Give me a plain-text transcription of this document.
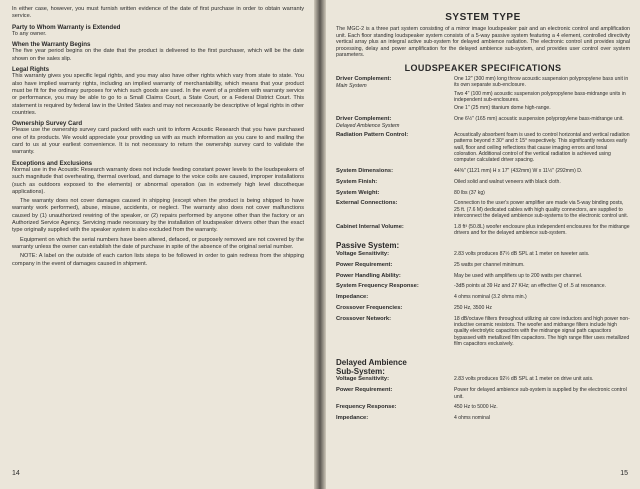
In either case, however, you must furnish written evidence of the date of first purchase in order to obtain warranty service.

Party to Whom Warranty is Extended

To any owner.

When the Warranty Begins

The five year period begins on the date that the product is delivered to the first purchaser, which will be the date shown on the sales slip.

Legal Rights

This warranty gives you specific legal rights, and you may also have other rights which vary from state to state. You also have implied warranty rights, including an implied warranty of merchantability, which means that your product must be fit for the ordinary purposes for which such goods are used. In the event of a problem with warranty service or performance, you may be able to go to a Small Claims Court, a State Court, or a Federal District Court. This statement is required by federal law in the United States and may not necessarily be descriptive of legal rights in other countries.

Ownership Survey Card

Please use the ownership survey card packed with each unit to inform Acoustic Research that you have purchased one of its products. We would appreciate your providing us with as much information as you care to and mailing the card to us at your earliest convenience. It is not necessary to return the ownership survey card to validate the warranty.

Exceptions and Exclusions

Normal use in the Acoustic Research warranty does not include feeding constant power levels to the loudspeakers of such magnitude that overheating, thermal overload, and damage to the voice coils are caused, improper installations (such as outdoors exposed to the elements) or abnormal operation (as in extremely high level discotheque applications).

The warranty does not cover damages caused in shipping (except when the product is being shipped to have warranty work performed), abuse, misuse, accidents, or neglect. The warranty also does not cover malfunctions caused by (1) unauthorized rewiring of the speaker, or (2) repairs performed by anyone other than the factory or an Authorized Service Agency. Servicing made necessary by the installation of loudspeaker drivers other than the exact type originally supplied with the speaker system is also excluded from the warranty.

Equipment on which the serial numbers have been altered, defaced, or purposely removed are not covered by the warranty unless the owner can establish the date of purchase in spite of the absence of the original serial number.

NOTE: A label on the outside of each carton lists steps to be followed in order to gain redress from the shipping company in the event of damages caused in shipment.

14
SYSTEM TYPE

The MGC-2 is a three part system consisting of a mirror image loudspeaker pair and an electronic control and amplification unit. Each floor standing loudspeaker system consists of a 5-way passive system featuring a 4 element, controlled directivity vertical array plus an integral active sub-system for delayed ambience radiation. The electronic control unit provides signal processing, delay and power amplification for the delayed ambience sub-system, and provides user control over system parameters.

LOUDSPEAKER SPECIFICATIONS
Driver Complement:
Main System

One 12" (300 mm) long throw acoustic suspension polypropylene bass unit in its own separate sub-enclosure.

Two 4" (100 mm) acoustic suspension polypropylene bass-midrange units in independent sub-enclosures.

One 1" (25 mm) titanium dome high-range.

Driver Complement:
Delayed Ambience System

One 6½" (165 mm) acoustic suspension polypropylene bass-midrange unit.

Radiation Pattern Control:	Acoustically absorbent foam is used to control horizontal and vertical radiation patterns beyond ± 30° and ± 15° respectively. This significantly reduces early wall, floor and ceiling reflections that cause imaging errors and tonal coloration. Additional control of the vertical radiation is achieved using computer calculated driver spacing.

System Dimensions:	44⅝" (1121 mm) H x 17" (432mm) W x 11½" (292mm) D.

System Finish:	Oiled solid and walnut veneers with black cloth.

System Weight:	80 lbs (37 kg)

External Connections:	Connection to the user's power amplifier are made via 5-way binding posts, 25 ft. (7.6 M) dedicated cables with high quality connectors, are supplied to interconnect the delayed ambience sub-systems to the electronic control unit.

Cabinet Internal Volume:	1.8 ft³ (50.8L) woofer enclosure plus independent enclosures for the midrange drivers and for the delayed ambience sub-system.

Passive System:
Voltage Sensitivity:	2.83 volts produces 87½ dB SPL at 1 meter on tweeter axis.

Power Requirement:	25 watts per channel minimum.

Power Handling Ability:	May be used with amplifiers up to 200 watts per channel.

System Frequency Response:	-3dB points at 39 Hz and 27 KHz; an effective Q of .5 at resonance.

Impedance:	4 ohms nominal (3.2 ohms min.)

Crossover Frequencies:	250 Hz, 3500 Hz

Crossover Network:	18 dB/octave filters throughout utilizing air core inductors and high power non-inductive ceramic resistors. The woofer and midrange filters include high quality electrolytic capacitors with the midrange signal path capacitors bypassed with metallized film capacitors. The high range filter uses metallized film capacitors exclusively.

Delayed Ambience
Sub-System:
Voltage Sensitivity:	2.83 volts produces 92½ dB SPL at 1 meter on drive unit axis.

Power Requirement:	Power for delayed ambience sub-system is supplied by the electronic control unit.

Frequency Response:	450 Hz to 5000 Hz.

Impedance:	4 ohms nominal

15
